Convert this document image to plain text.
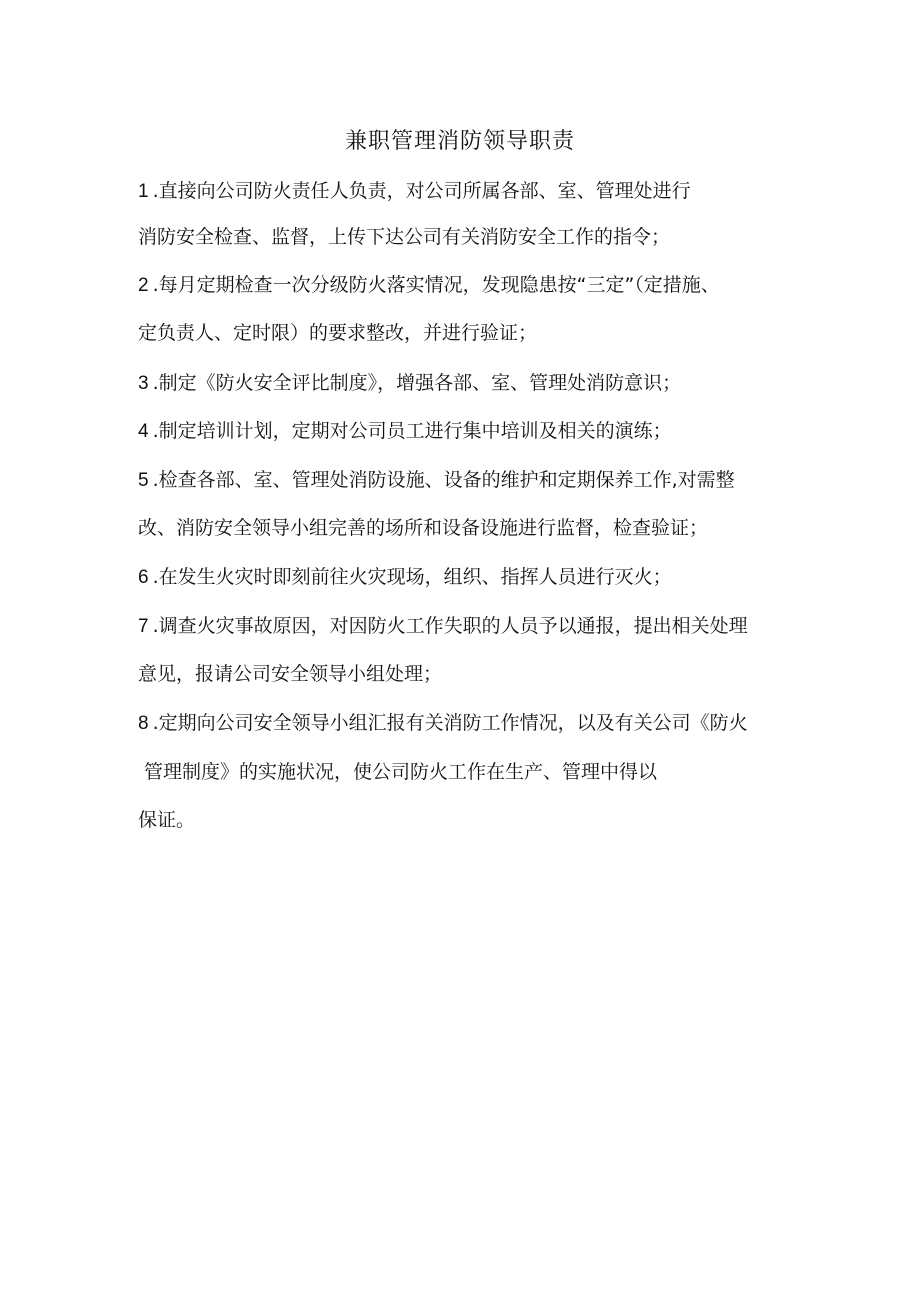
兼职管理消防领导职责
1 .直接向公司防火责任人负责，对公司所属各部、室、管理处进行
消防安全检查、监督，上传下达公司有关消防安全工作的指令；
2 .每月定期检查一次分级防火落实情况，发现隐患按“三定”（定措施、
定负责人、定时限）的要求整改，并进行验证；
3 .制定《防火安全评比制度》，增强各部、室、管理处消防意识；
4 .制定培训计划，定期对公司员工进行集中培训及相关的演练；
5 .检查各部、室、管理处消防设施、设备的维护和定期保养工作,对需整
改、消防安全领导小组完善的场所和设备设施进行监督，检查验证；
6 .在发生火灾时即刻前往火灾现场，组织、指挥人员进行灭火；
7 .调查火灾事故原因，对因防火工作失职的人员予以通报，提出相关处理
意见，报请公司安全领导小组处理；
8 .定期向公司安全领导小组汇报有关消防工作情况，以及有关公司《防火
管理制度》的实施状况，使公司防火工作在生产、管理中得以
保证。
